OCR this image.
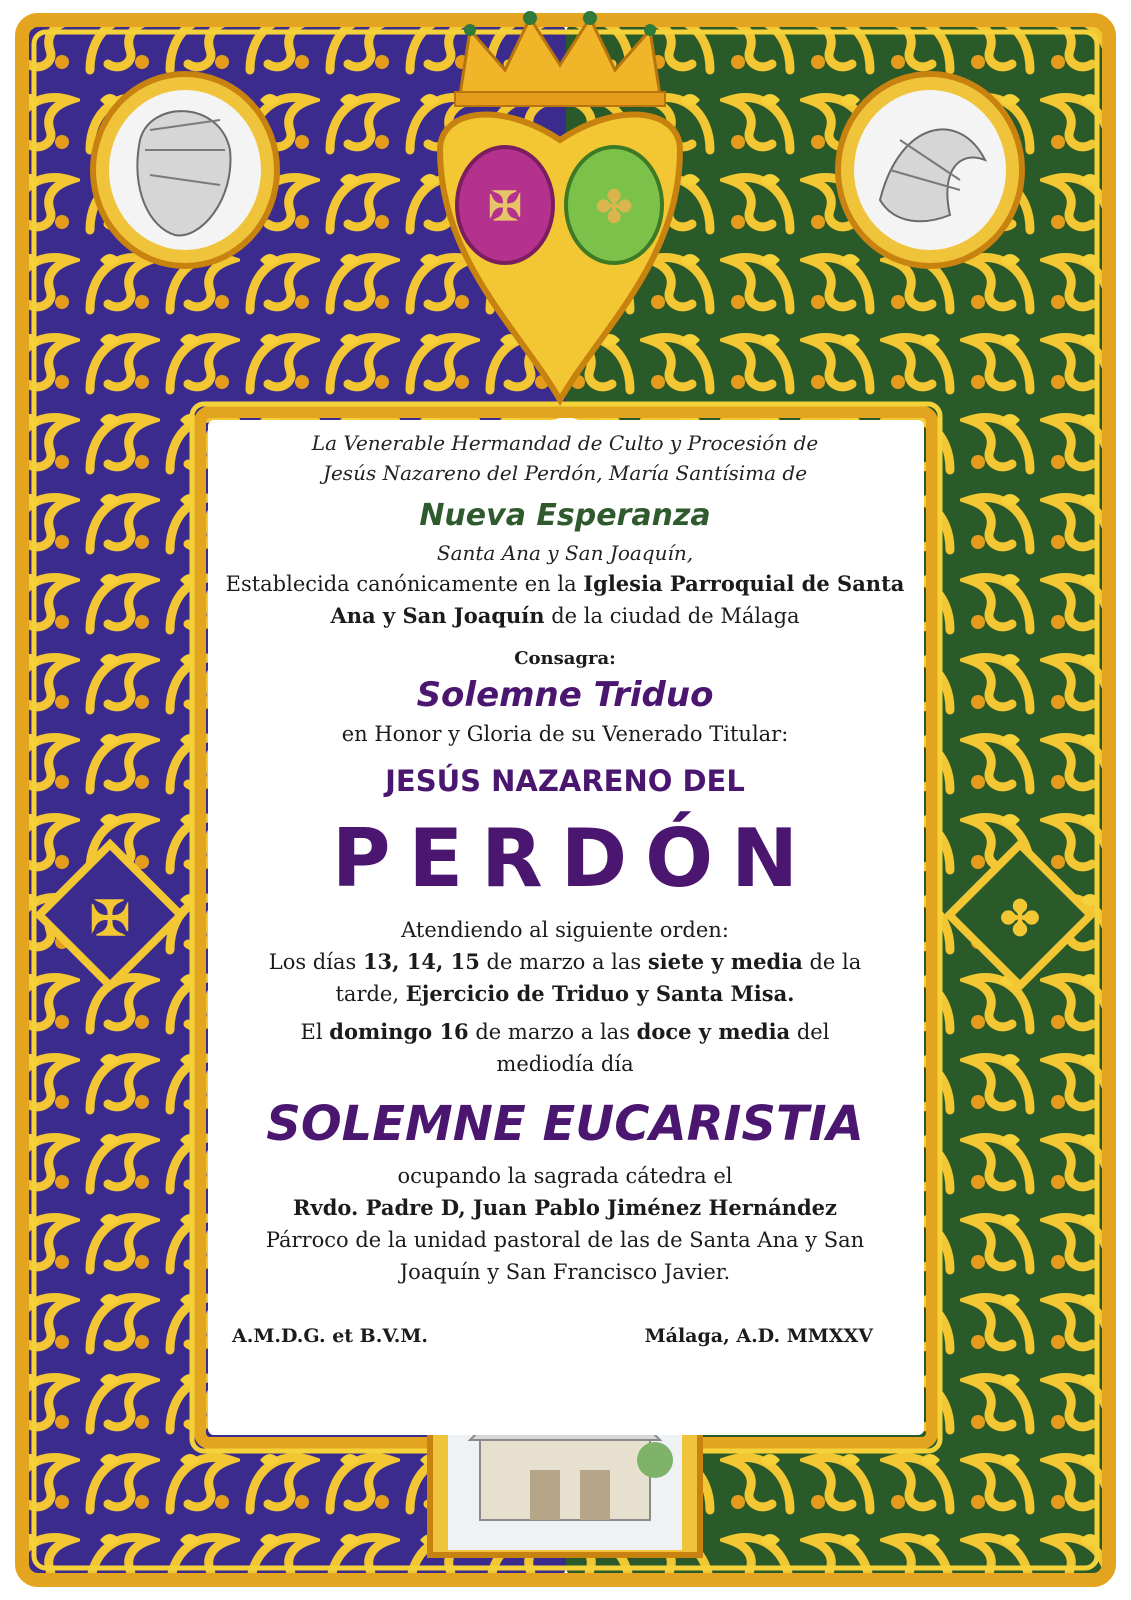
✠ ✤
✠	✤
La Venerable Hermandad de Culto y Procesión de
Jesús Nazareno del Perdón, María Santísima de
Nueva Esperanza
Santa Ana y San Joaquín,
Establecida canónicamente en la Iglesia Parroquial de Santa
Ana y San Joaquín de la ciudad de Málaga
Consagra:
Solemne Triduo
en Honor y Gloria de su Venerado Titular:
JESÚS NAZARENO DEL
PERDÓN
Atendiendo al siguiente orden:
Los días 13, 14, 15 de marzo a las siete y media de la
tarde, Ejercicio de Triduo y Santa Misa.
El domingo 16 de marzo a las doce y media del
mediodía día
SOLEMNE EUCARISTIA
ocupando la sagrada cátedra el
Rvdo. Padre D, Juan Pablo Jiménez Hernández
Párroco de la unidad pastoral de las de Santa Ana y San
Joaquín y San Francisco Javier.
A.M.D.G. et B.V.M.	Málaga, A.D. MMXXV
